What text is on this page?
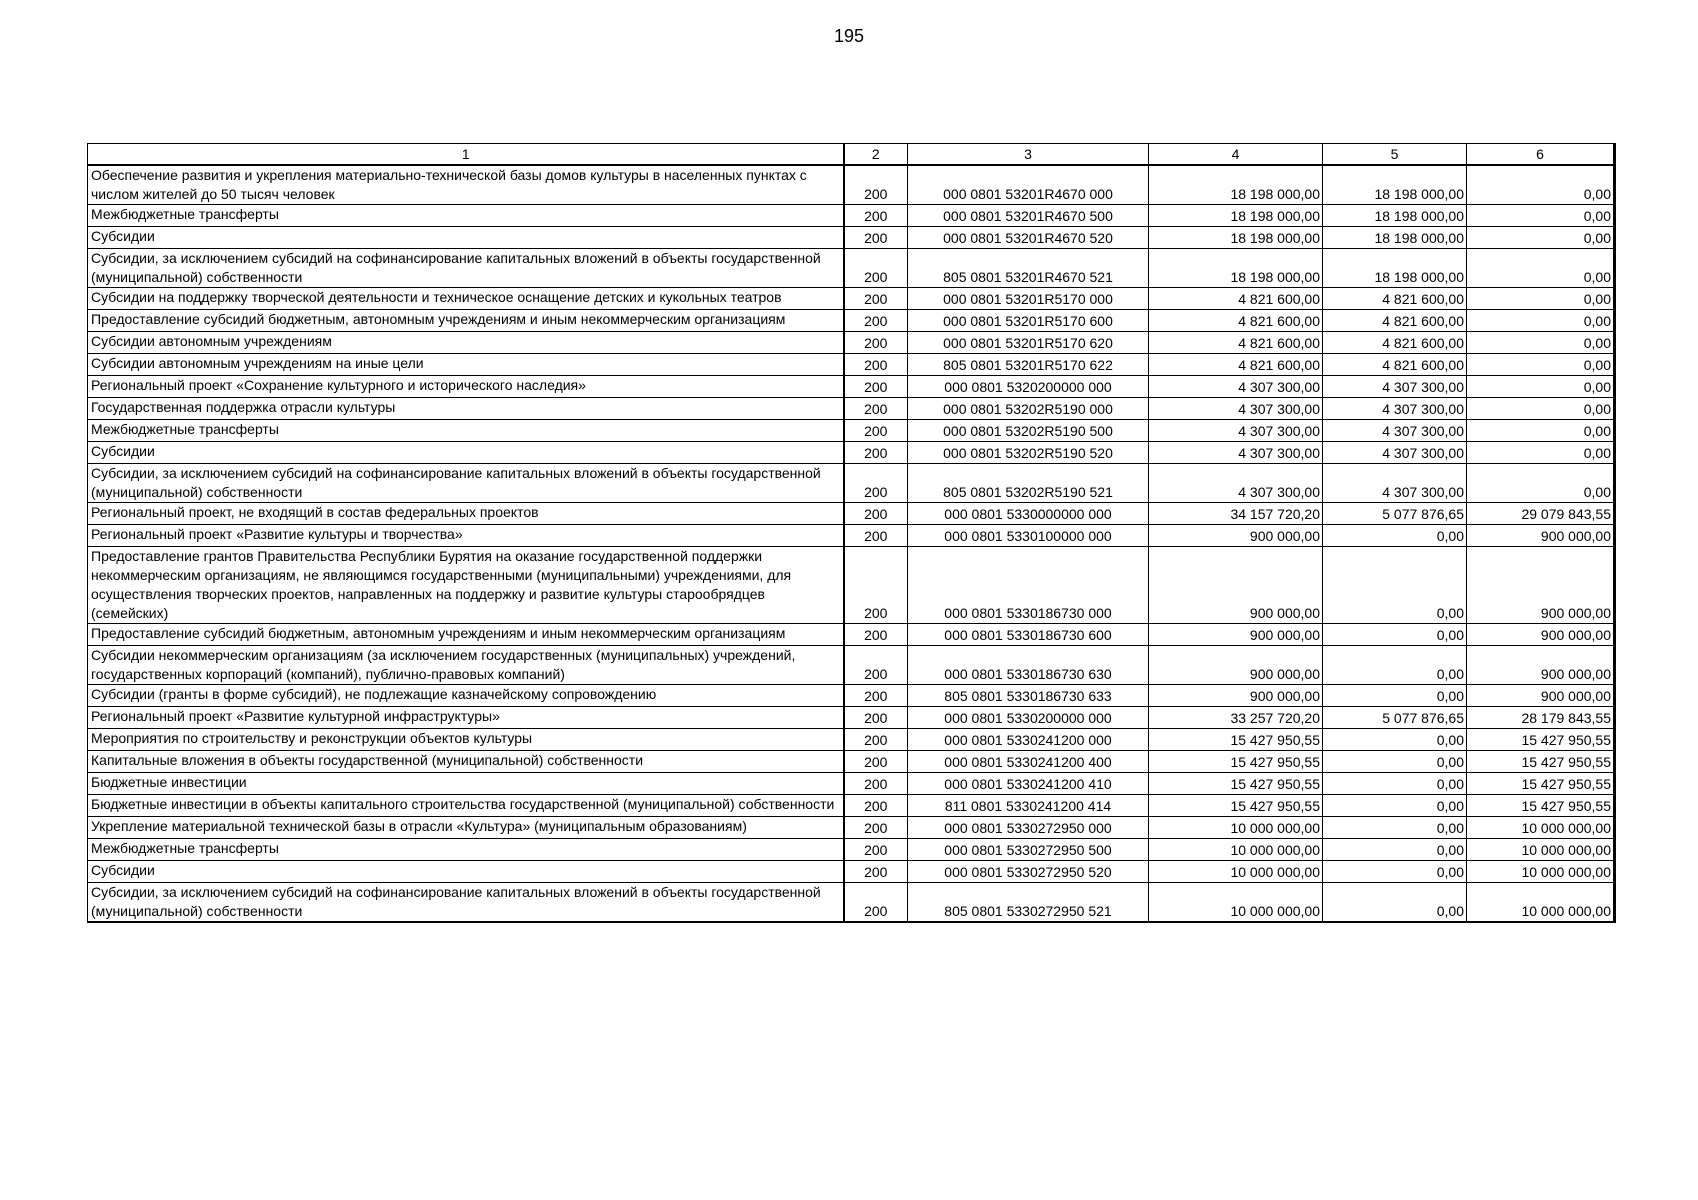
195
1	2	3	4	5	6
Обеспечение развития и укрепления материально-технической базы домов культуры в населенных пунктах с числом жителей до 50 тысяч человек	200	000 0801 53201R4670 000	18 198 000,00	18 198 000,00	0,00
Межбюджетные трансферты	200	000 0801 53201R4670 500	18 198 000,00	18 198 000,00	0,00
Субсидии	200	000 0801 53201R4670 520	18 198 000,00	18 198 000,00	0,00
Субсидии, за исключением субсидий на софинансирование капитальных вложений в объекты государственной (муниципальной) собственности	200	805 0801 53201R4670 521	18 198 000,00	18 198 000,00	0,00
Субсидии на поддержку творческой деятельности и техническое оснащение детских и кукольных театров	200	000 0801 53201R5170 000	4 821 600,00	4 821 600,00	0,00
Предоставление субсидий бюджетным, автономным учреждениям и иным некоммерческим организациям	200	000 0801 53201R5170 600	4 821 600,00	4 821 600,00	0,00
Субсидии автономным учреждениям	200	000 0801 53201R5170 620	4 821 600,00	4 821 600,00	0,00
Субсидии автономным учреждениям на иные цели	200	805 0801 53201R5170 622	4 821 600,00	4 821 600,00	0,00
Региональный проект «Сохранение культурного и исторического наследия»	200	000 0801 5320200000 000	4 307 300,00	4 307 300,00	0,00
Государственная поддержка отрасли культуры	200	000 0801 53202R5190 000	4 307 300,00	4 307 300,00	0,00
Межбюджетные трансферты	200	000 0801 53202R5190 500	4 307 300,00	4 307 300,00	0,00
Субсидии	200	000 0801 53202R5190 520	4 307 300,00	4 307 300,00	0,00
Субсидии, за исключением субсидий на софинансирование капитальных вложений в объекты государственной (муниципальной) собственности	200	805 0801 53202R5190 521	4 307 300,00	4 307 300,00	0,00
Региональный проект, не входящий в состав федеральных проектов	200	000 0801 5330000000 000	34 157 720,20	5 077 876,65	29 079 843,55
Региональный проект «Развитие культуры и творчества»	200	000 0801 5330100000 000	900 000,00	0,00	900 000,00
Предоставление грантов Правительства Республики Бурятия на оказание государственной поддержки некоммерческим организациям, не являющимся государственными (муниципальными) учреждениями, для осуществления творческих проектов, направленных на поддержку и развитие культуры старообрядцев (семейских)	200	000 0801 5330186730 000	900 000,00	0,00	900 000,00
Предоставление субсидий бюджетным, автономным учреждениям и иным некоммерческим организациям	200	000 0801 5330186730 600	900 000,00	0,00	900 000,00
Субсидии некоммерческим организациям (за исключением государственных (муниципальных) учреждений, государственных корпораций (компаний), публично-правовых компаний)	200	000 0801 5330186730 630	900 000,00	0,00	900 000,00
Субсидии (гранты в форме субсидий), не подлежащие казначейскому сопровождению	200	805 0801 5330186730 633	900 000,00	0,00	900 000,00
Региональный проект «Развитие культурной инфраструктуры»	200	000 0801 5330200000 000	33 257 720,20	5 077 876,65	28 179 843,55
Мероприятия по строительству и реконструкции объектов культуры	200	000 0801 5330241200 000	15 427 950,55	0,00	15 427 950,55
Капитальные вложения в объекты государственной (муниципальной) собственности	200	000 0801 5330241200 400	15 427 950,55	0,00	15 427 950,55
Бюджетные инвестиции	200	000 0801 5330241200 410	15 427 950,55	0,00	15 427 950,55
Бюджетные инвестиции в объекты капитального строительства государственной (муниципальной) собственности	200	811 0801 5330241200 414	15 427 950,55	0,00	15 427 950,55
Укрепление материальной технической базы в отрасли «Культура» (муниципальным образованиям)	200	000 0801 5330272950 000	10 000 000,00	0,00	10 000 000,00
Межбюджетные трансферты	200	000 0801 5330272950 500	10 000 000,00	0,00	10 000 000,00
Субсидии	200	000 0801 5330272950 520	10 000 000,00	0,00	10 000 000,00
Субсидии, за исключением субсидий на софинансирование капитальных вложений в объекты государственной (муниципальной) собственности	200	805 0801 5330272950 521	10 000 000,00	0,00	10 000 000,00
